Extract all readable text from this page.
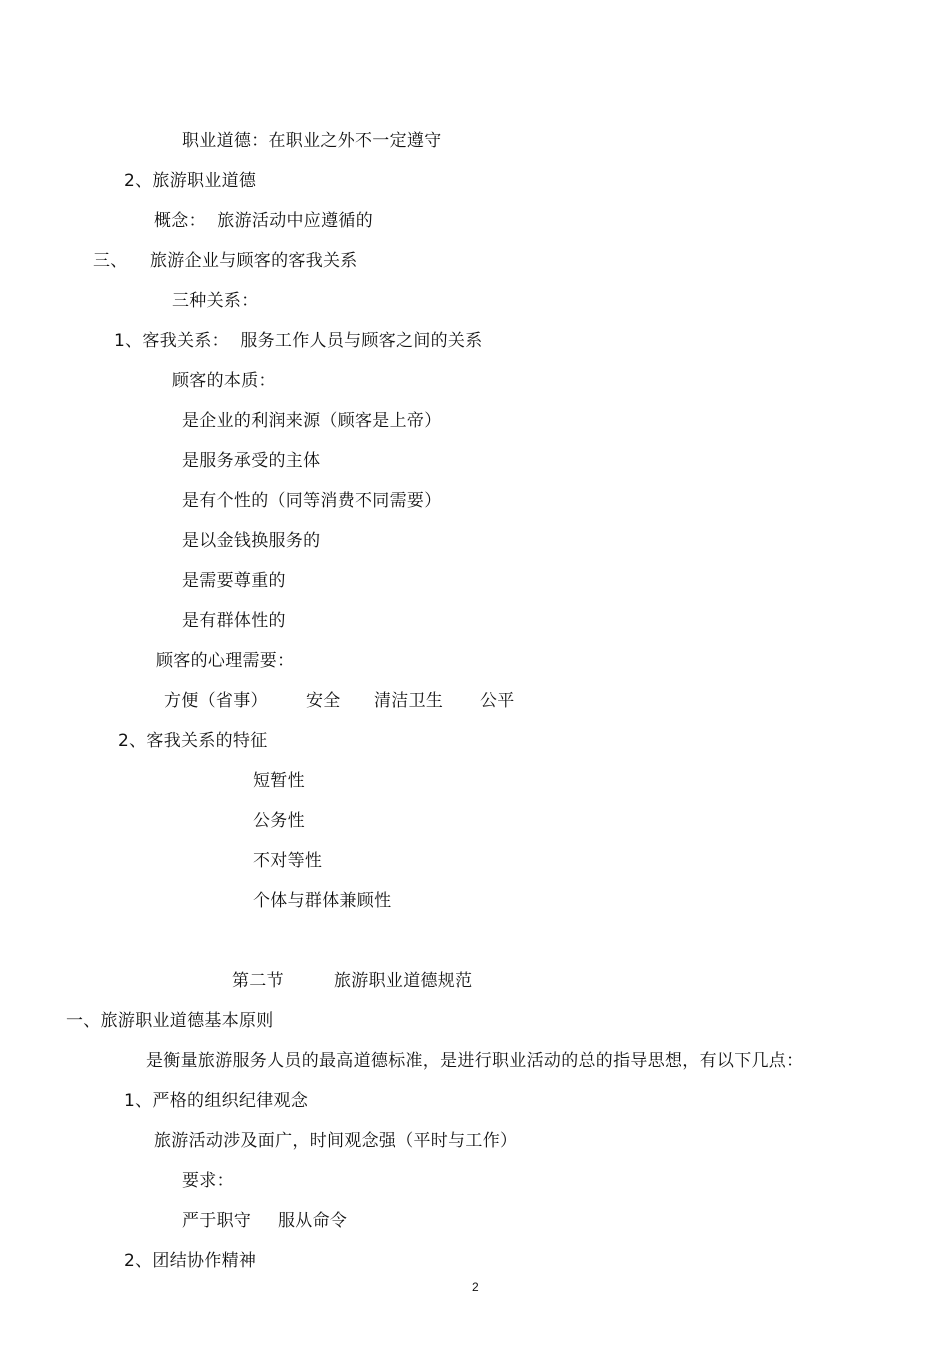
职业道德：在职业之外不一定遵守
2、旅游职业道德
概念：  旅游活动中应遵循的
三、 旅游企业与顾客的客我关系
三种关系：
1、客我关系：  服务工作人员与顾客之间的关系
顾客的本质：
是企业的利润来源（顾客是上帝）
是服务承受的主体
是有个性的（同等消费不同需要）
是以金钱换服务的
是需要尊重的
是有群体性的
顾客的心理需要：
方便（省事） 安全 清洁卫生 公平
2、客我关系的特征
短暂性
公务性
不对等性
个体与群体兼顾性
第二节	旅游职业道德规范
一、旅游职业道德基本原则
是衡量旅游服务人员的最高道德标准，是进行职业活动的总的指导思想，有以下几点：
1、严格的组织纪律观念
旅游活动涉及面广，时间观念强（平时与工作）
要求：
严于职守 服从命令
2、团结协作精神
2
